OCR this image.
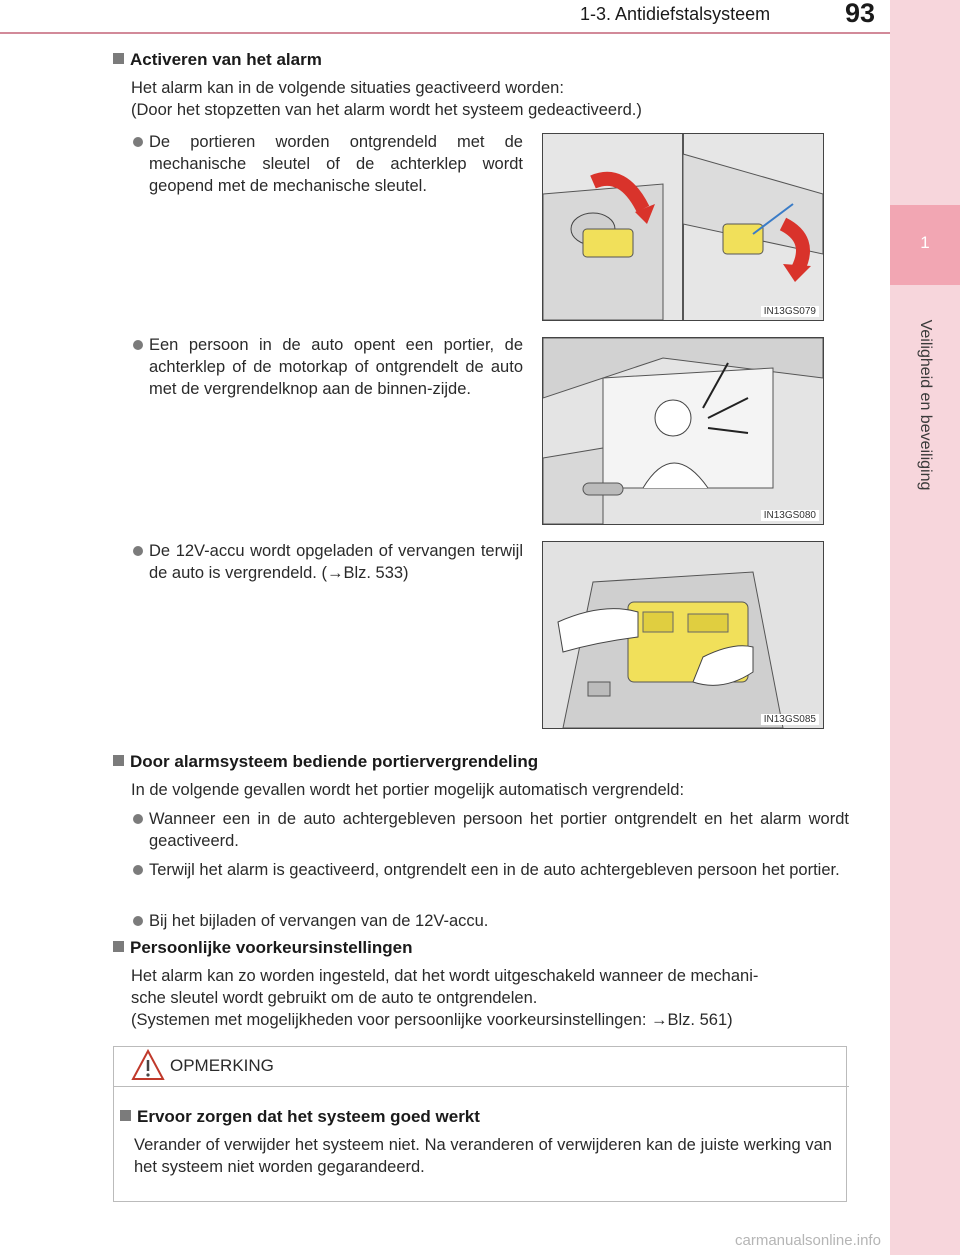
1-3. Antidiefstalsysteem	93
1
Veiligheid en beveiliging
Activeren van het alarm
Het alarm kan in de volgende situaties geactiveerd worden:
(Door het stopzetten van het alarm wordt het systeem gedeactiveerd.)
De portieren worden ontgrendeld met de mechanische sleutel of de achterklep wordt geopend met de mechanische sleutel.
IN13GS079
Een persoon in de auto opent een portier, de achterklep of de motorkap of ontgrendelt de auto met de vergrendelknop aan de binnen-zijde.
IN13GS080
De 12V-accu wordt opgeladen of vervangen terwijl de auto is vergrendeld. (→Blz. 533)
IN13GS085
Door alarmsysteem bediende portiervergrendeling
In de volgende gevallen wordt het portier mogelijk automatisch vergrendeld:
Wanneer een in de auto achtergebleven persoon het portier ontgrendelt en het alarm wordt geactiveerd.
Terwijl het alarm is geactiveerd, ontgrendelt een in de auto achtergebleven persoon het portier.
Bij het bijladen of vervangen van de 12V-accu.
Persoonlijke voorkeursinstellingen
Het alarm kan zo worden ingesteld, dat het wordt uitgeschakeld wanneer de mechani-
sche sleutel wordt gebruikt om de auto te ontgrendelen.
(Systemen met mogelijkheden voor persoonlijke voorkeursinstellingen: →Blz. 561)
OPMERKING
Ervoor zorgen dat het systeem goed werkt
Verander of verwijder het systeem niet. Na veranderen of verwijderen kan de juiste werking van het systeem niet worden gegarandeerd.
carmanualsonline.info
